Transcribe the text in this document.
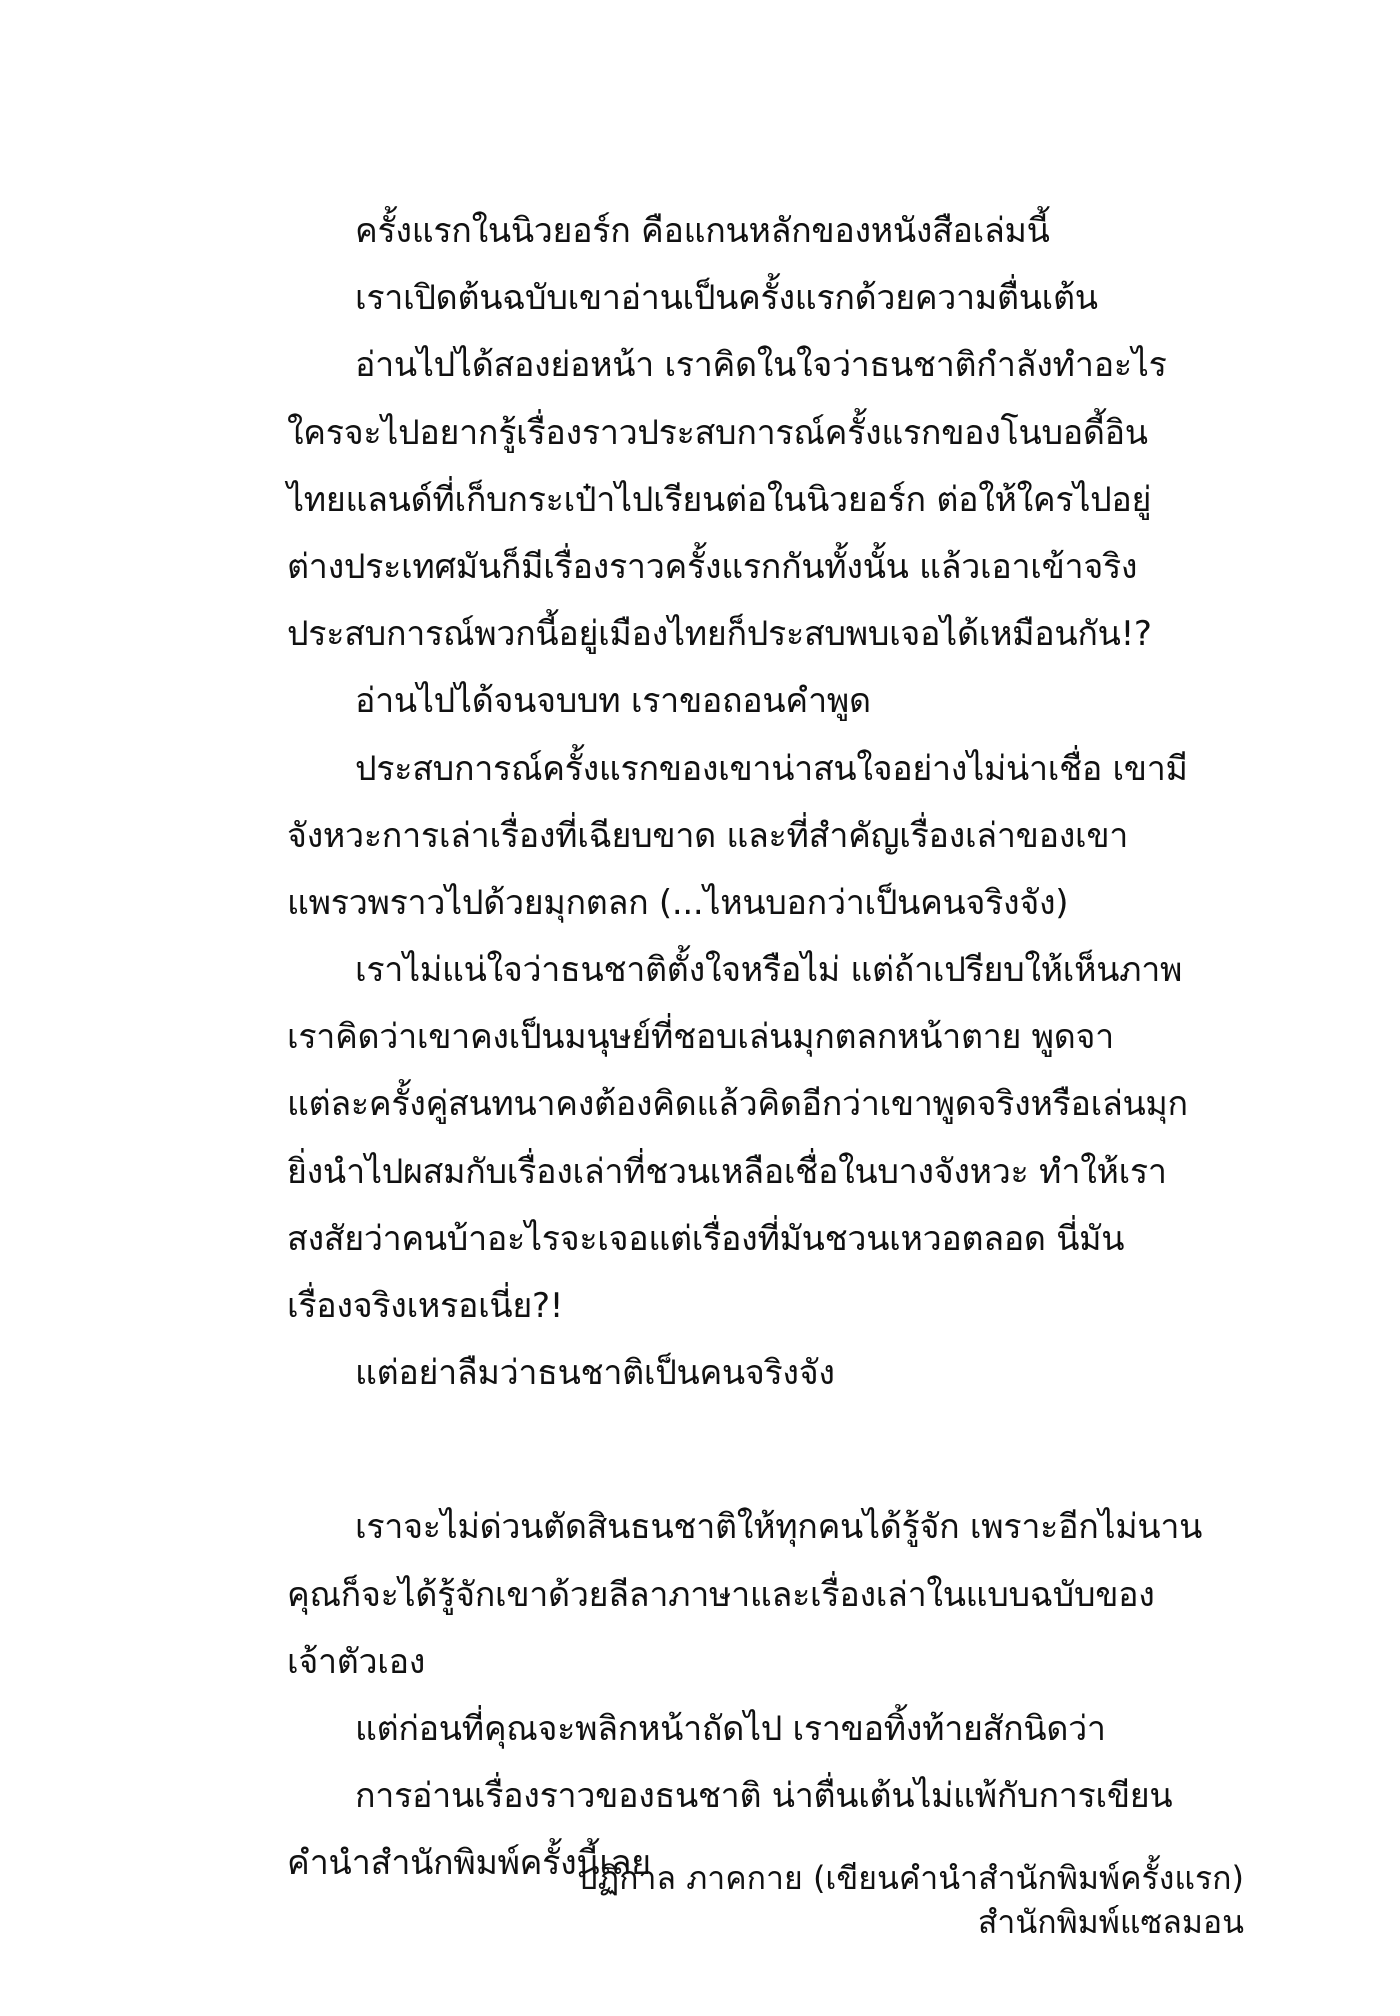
ครั้งแรกในนิวยอร์ก คือแกนหลักของหนังสือเล่มนี้
เราเปิดต้นฉบับเขาอ่านเป็นครั้งแรกด้วยความตื่นเต้น
อ่านไปได้สองย่อหน้า เราคิดในใจว่าธนชาติกำลังทำอะไร
ใครจะไปอยากรู้เรื่องราวประสบการณ์ครั้งแรกของโนบอดี้อิน
ไทยแลนด์ที่เก็บกระเป๋าไปเรียนต่อในนิวยอร์ก ต่อให้ใครไปอยู่
ต่างประเทศมันก็มีเรื่องราวครั้งแรกกันทั้งนั้น แล้วเอาเข้าจริง
ประสบการณ์พวกนี้อยู่เมืองไทยก็ประสบพบเจอได้เหมือนกัน!?
อ่านไปได้จนจบบท เราขอถอนคำพูด
ประสบการณ์ครั้งแรกของเขาน่าสนใจอย่างไม่น่าเชื่อ เขามี
จังหวะการเล่าเรื่องที่เฉียบขาด และที่สำคัญเรื่องเล่าของเขา
แพรวพราวไปด้วยมุกตลก (...ไหนบอกว่าเป็นคนจริงจัง)
เราไม่แน่ใจว่าธนชาติตั้งใจหรือไม่ แต่ถ้าเปรียบให้เห็นภาพ
เราคิดว่าเขาคงเป็นมนุษย์ที่ชอบเล่นมุกตลกหน้าตาย พูดจา
แต่ละครั้งคู่สนทนาคงต้องคิดแล้วคิดอีกว่าเขาพูดจริงหรือเล่นมุก
ยิ่งนำไปผสมกับเรื่องเล่าที่ชวนเหลือเชื่อในบางจังหวะ ทำให้เรา
สงสัยว่าคนบ้าอะไรจะเจอแต่เรื่องที่มันชวนเหวอตลอด นี่มัน
เรื่องจริงเหรอเนี่ย?!
แต่อย่าลืมว่าธนชาติเป็นคนจริงจัง
เราจะไม่ด่วนตัดสินธนชาติให้ทุกคนได้รู้จัก เพราะอีกไม่นาน
คุณก็จะได้รู้จักเขาด้วยลีลาภาษาและเรื่องเล่าในแบบฉบับของ
เจ้าตัวเอง
แต่ก่อนที่คุณจะพลิกหน้าถัดไป เราขอทิ้งท้ายสักนิดว่า
การอ่านเรื่องราวของธนชาติ น่าตื่นเต้นไม่แพ้กับการเขียน
คำนำสำนักพิมพ์ครั้งนี้เลย
ปฏิกาล ภาคกาย (เขียนคำนำสำนักพิมพ์ครั้งแรก)
สำนักพิมพ์แซลมอน
